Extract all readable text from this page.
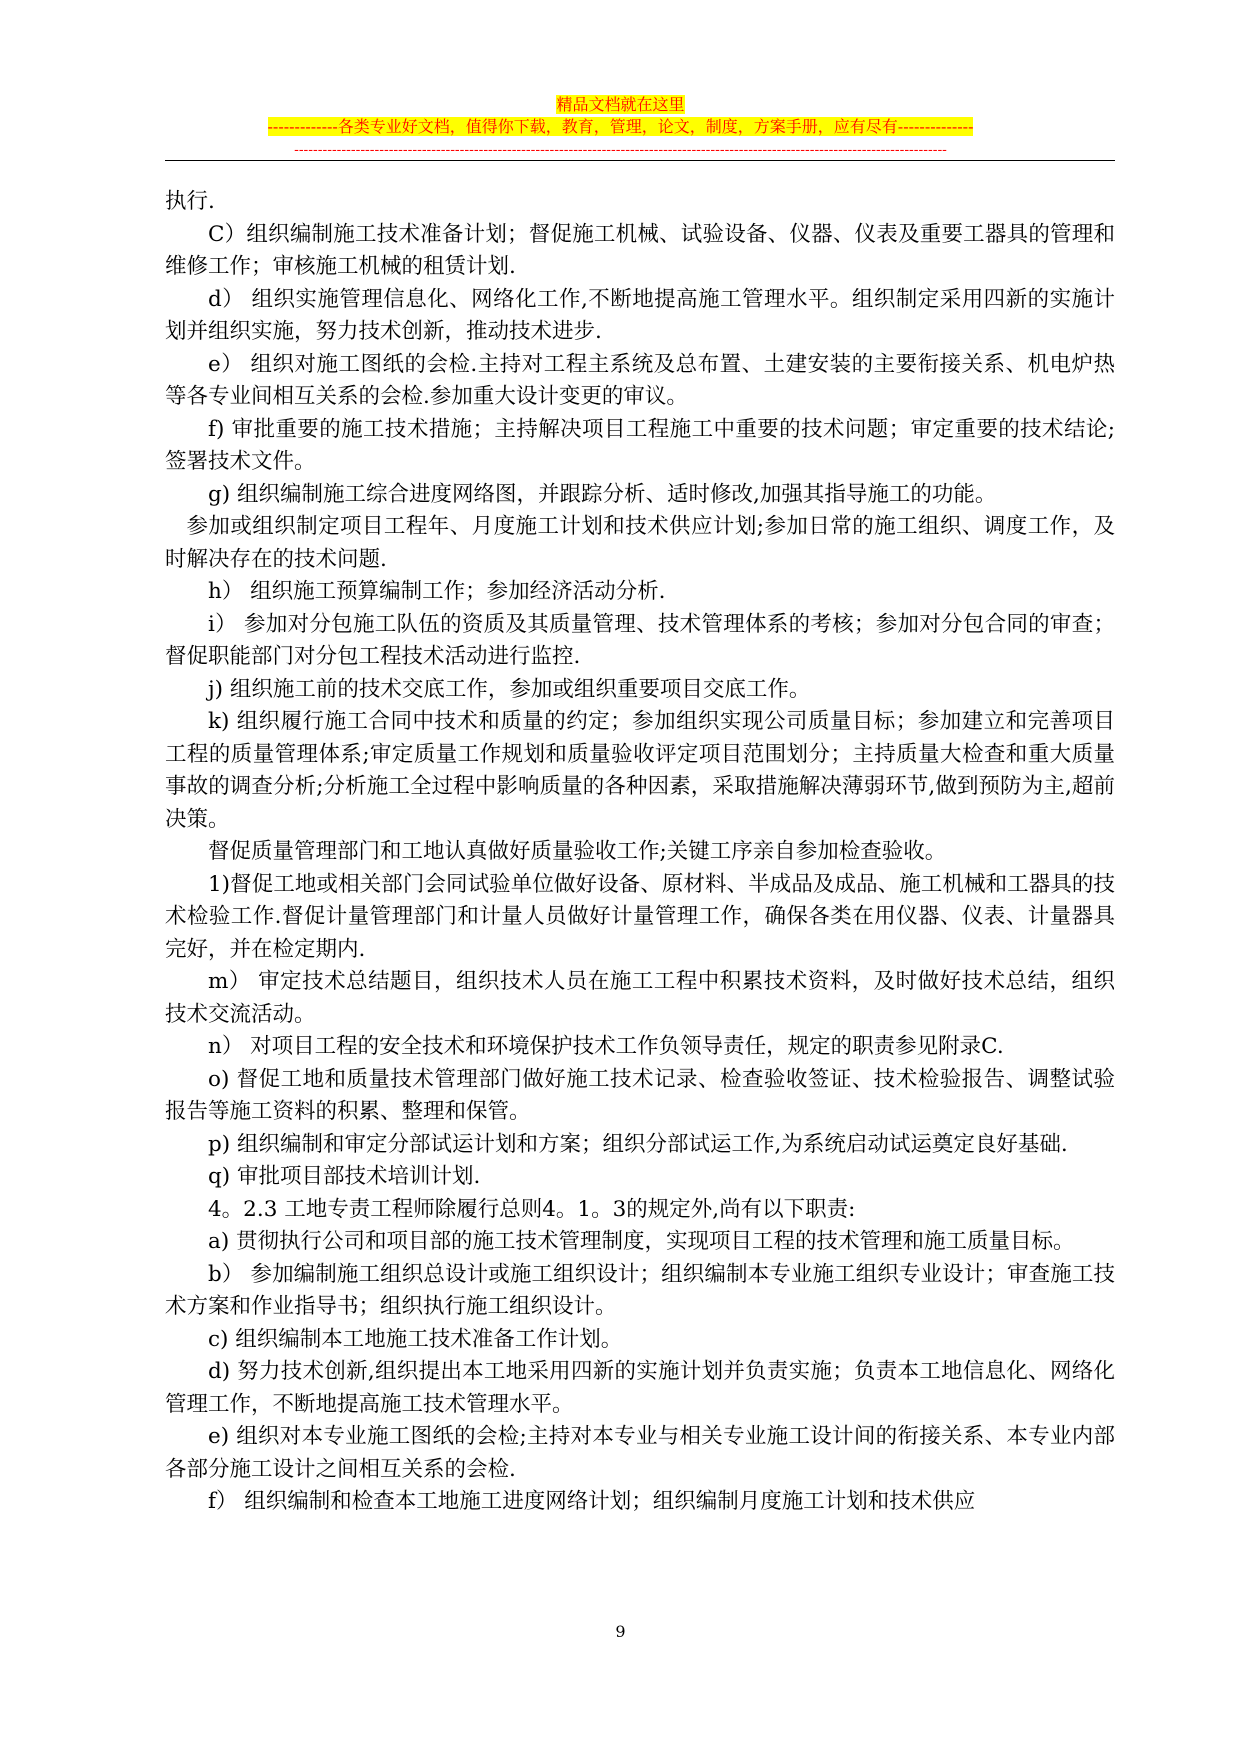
精品文档就在这里
-------------各类专业好文档，值得你下载，教育，管理，论文，制度，方案手册，应有尽有--------------
------------------------------------------------------------------------------------------------------------------------------------------

执行.

C）组织编制施工技术准备计划；督促施工机械、试验设备、仪器、仪表及重要工器具的管理和维修工作；审核施工机械的租赁计划.

d） 组织实施管理信息化、网络化工作,不断地提高施工管理水平。组织制定采用四新的实施计划并组织实施，努力技术创新，推动技术进步.

e） 组织对施工图纸的会检.主持对工程主系统及总布置、土建安装的主要衔接关系、机电炉热等各专业间相互关系的会检.参加重大设计变更的审议。

f) 审批重要的施工技术措施；主持解决项目工程施工中重要的技术问题；审定重要的技术结论;签署技术文件。

g) 组织编制施工综合进度网络图，并跟踪分析、适时修改,加强其指导施工的功能。

参加或组织制定项目工程年、月度施工计划和技术供应计划;参加日常的施工组织、调度工作，及时解决存在的技术问题.

h） 组织施工预算编制工作；参加经济活动分析.

i） 参加对分包施工队伍的资质及其质量管理、技术管理体系的考核；参加对分包合同的审查；督促职能部门对分包工程技术活动进行监控.

j) 组织施工前的技术交底工作，参加或组织重要项目交底工作。

k) 组织履行施工合同中技术和质量的约定；参加组织实现公司质量目标；参加建立和完善项目工程的质量管理体系;审定质量工作规划和质量验收评定项目范围划分；主持质量大检查和重大质量事故的调查分析;分析施工全过程中影响质量的各种因素，采取措施解决薄弱环节,做到预防为主,超前决策。

督促质量管理部门和工地认真做好质量验收工作;关键工序亲自参加检查验收。

1)督促工地或相关部门会同试验单位做好设备、原材料、半成品及成品、施工机械和工器具的技术检验工作.督促计量管理部门和计量人员做好计量管理工作，确保各类在用仪器、仪表、计量器具完好，并在检定期内.

m） 审定技术总结题目，组织技术人员在施工工程中积累技术资料，及时做好技术总结，组织技术交流活动。

n） 对项目工程的安全技术和环境保护技术工作负领导责任，规定的职责参见附录C.

o) 督促工地和质量技术管理部门做好施工技术记录、检查验收签证、技术检验报告、调整试验报告等施工资料的积累、整理和保管。

p) 组织编制和审定分部试运计划和方案；组织分部试运工作,为系统启动试运奠定良好基础.

q) 审批项目部技术培训计划.

4。2.3 工地专责工程师除履行总则4。1。3的规定外,尚有以下职责:

a) 贯彻执行公司和项目部的施工技术管理制度，实现项目工程的技术管理和施工质量目标。

b） 参加编制施工组织总设计或施工组织设计；组织编制本专业施工组织专业设计；审查施工技术方案和作业指导书；组织执行施工组织设计。

c) 组织编制本工地施工技术准备工作计划。

d) 努力技术创新,组织提出本工地采用四新的实施计划并负责实施；负责本工地信息化、网络化管理工作，不断地提高施工技术管理水平。

e) 组织对本专业施工图纸的会检;主持对本专业与相关专业施工设计间的衔接关系、本专业内部各部分施工设计之间相互关系的会检.

f） 组织编制和检查本工地施工进度网络计划；组织编制月度施工计划和技术供应

9
